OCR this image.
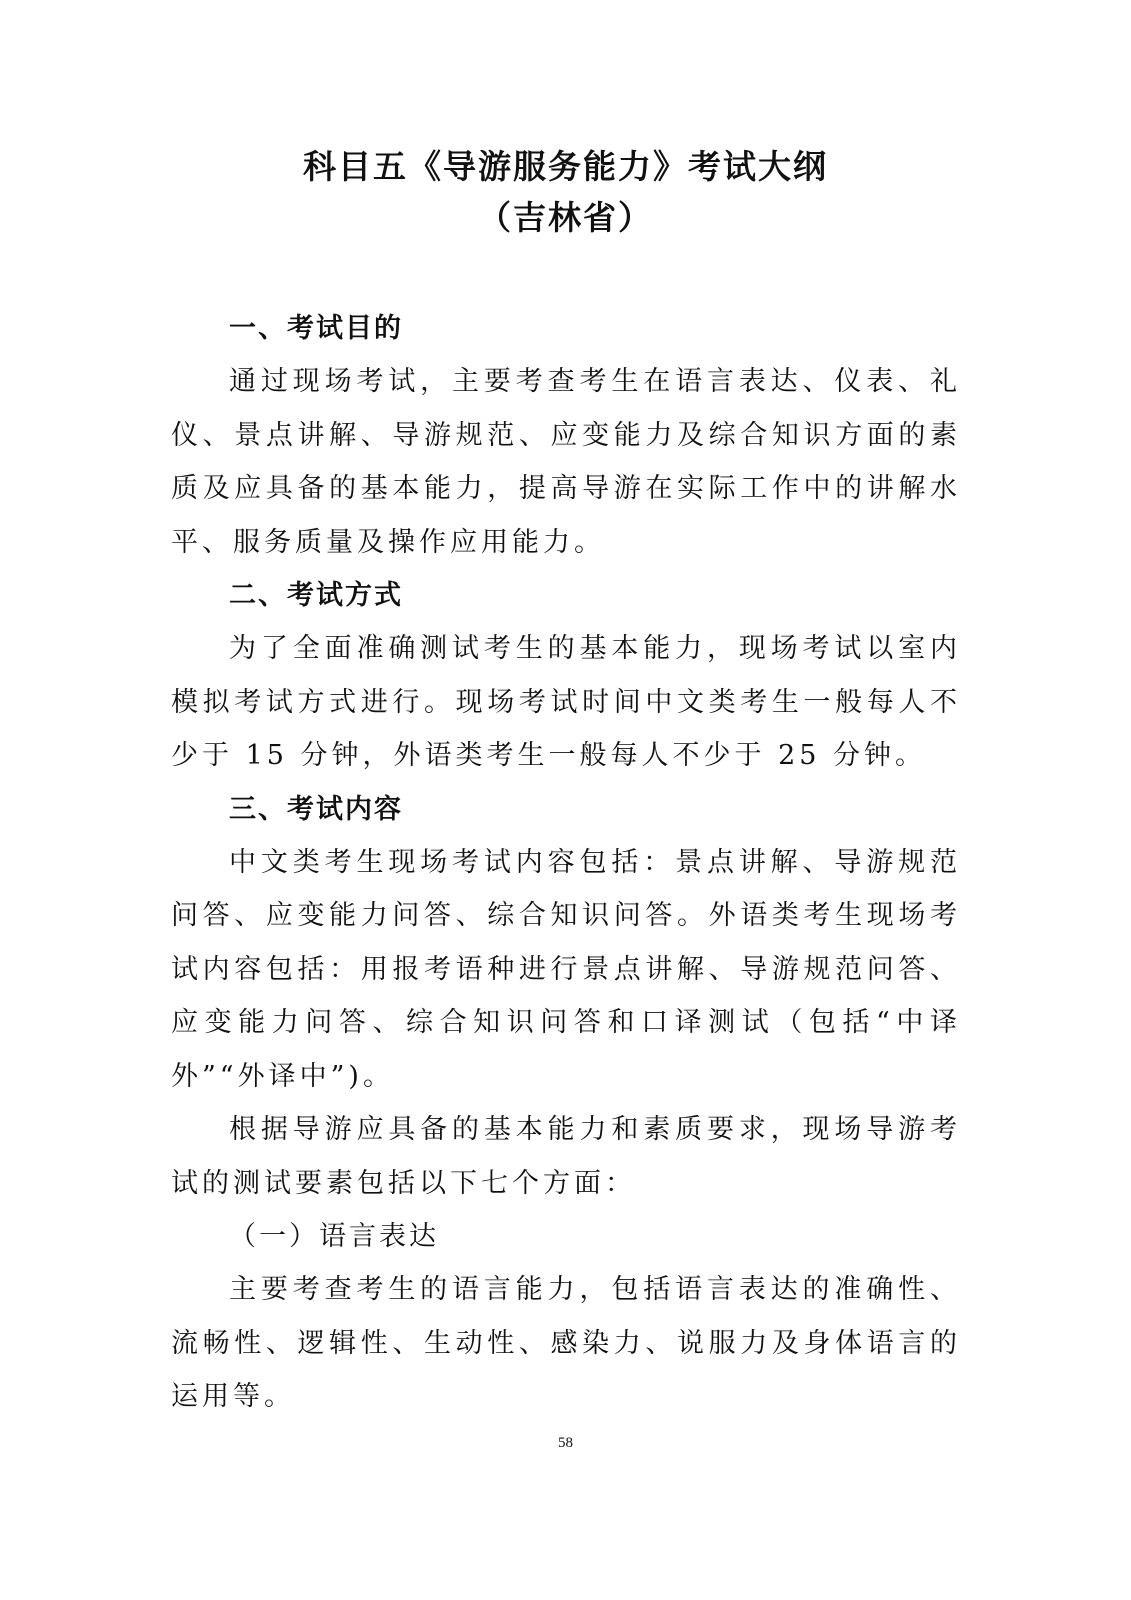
科目五《导游服务能力》考试大纲
（吉林省）

一、考试目的

通过现场考试，主要考查考生在语言表达、仪表、礼仪、景点讲解、导游规范、应变能力及综合知识方面的素质及应具备的基本能力，提高导游在实际工作中的讲解水平、服务质量及操作应用能力。

二、考试方式

为了全面准确测试考生的基本能力，现场考试以室内模拟考试方式进行。现场考试时间中文类考生一般每人不少于 15 分钟，外语类考生一般每人不少于 25 分钟。

三、考试内容

中文类考生现场考试内容包括：景点讲解、导游规范问答、应变能力问答、综合知识问答。外语类考生现场考试内容包括：用报考语种进行景点讲解、导游规范问答、应变能力问答、综合知识问答和口译测试（包括“中译外”“外译中”)。

根据导游应具备的基本能力和素质要求，现场导游考试的测试要素包括以下七个方面：

（一）语言表达

主要考查考生的语言能力，包括语言表达的准确性、流畅性、逻辑性、生动性、感染力、说服力及身体语言的运用等。

58
